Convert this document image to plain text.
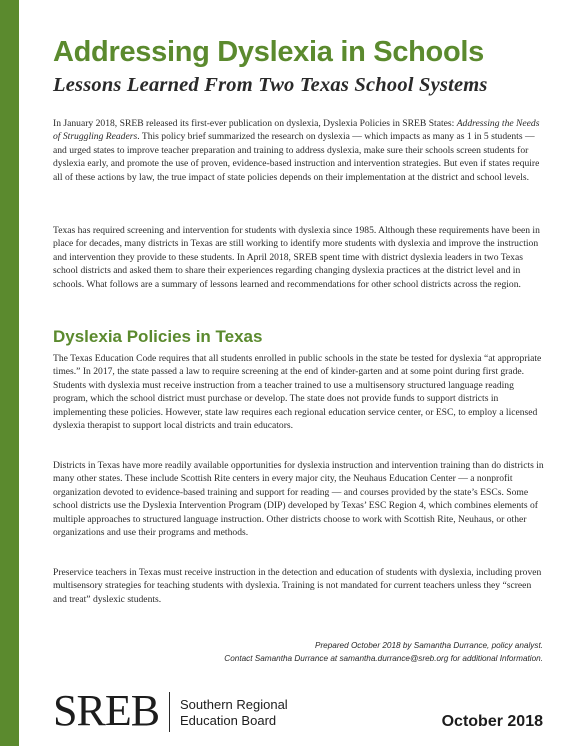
Addressing Dyslexia in Schools
Lessons Learned From Two Texas School Systems

In January 2018, SREB released its first-ever publication on dyslexia, Dyslexia Policies in SREB States: Addressing the Needs of Struggling Readers. This policy brief summarized the research on dyslexia — which impacts as many as 1 in 5 students — and urged states to improve teacher preparation and training to address dyslexia, make sure their schools screen students for dyslexia early, and promote the use of proven, evidence-based instruction and intervention strategies. But even if states require all of these actions by law, the true impact of state policies depends on their implementation at the district and school levels.

Texas has required screening and intervention for students with dyslexia since 1985. Although these requirements have been in place for decades, many districts in Texas are still working to identify more students with dyslexia and improve the instruction and intervention they provide to these students. In April 2018, SREB spent time with district dyslexia leaders in two Texas school districts and asked them to share their experiences regarding changing dyslexia practices at the district level and in schools. What follows are a summary of lessons learned and recommendations for other school districts across the region.

Dyslexia Policies in Texas

The Texas Education Code requires that all students enrolled in public schools in the state be tested for dyslexia “at appropriate times.” In 2017, the state passed a law to require screening at the end of kinder-garten and at some point during first grade. Students with dyslexia must receive instruction from a teacher trained to use a multisensory structured language reading program, which the school district must purchase or develop. The state does not provide funds to support districts in implementing these policies. However, state law requires each regional education service center, or ESC, to employ a licensed dyslexia therapist to support local districts and train educators.

Districts in Texas have more readily available opportunities for dyslexia instruction and intervention training than do districts in many other states. These include Scottish Rite centers in every major city, the Neuhaus Education Center — a nonprofit organization devoted to evidence-based training and support for reading — and courses provided by the state’s ESCs. Some school districts use the Dyslexia Intervention Program (DIP) developed by Texas’ ESC Region 4, which combines elements of multiple approaches to structured language instruction. Other districts choose to work with Scottish Rite, Neuhaus, or other organizations and use their programs and methods.

Preservice teachers in Texas must receive instruction in the detection and education of students with dyslexia, including proven multisensory strategies for teaching students with dyslexia. Training is not mandated for current teachers unless they “screen and treat” dyslexic students.

Prepared October 2018 by Samantha Durrance, policy analyst.
Contact Samantha Durrance at samantha.durrance@sreb.org for additional Information.
SREB Southern Regional
Education Board	October 2018
